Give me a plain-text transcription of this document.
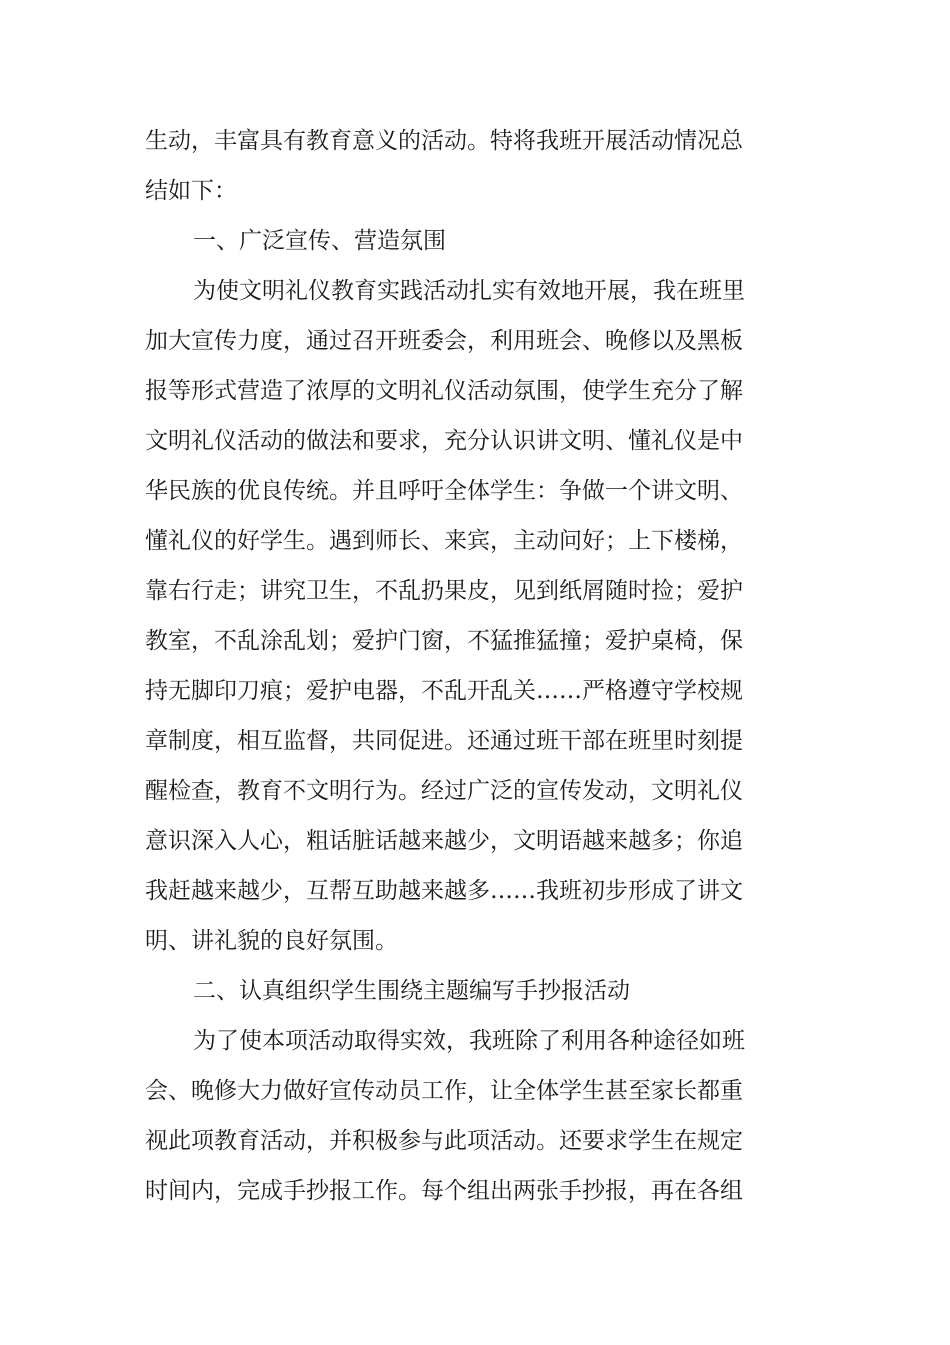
生动，丰富具有教育意义的活动。特将我班开展活动情况总
结如下：
一、广泛宣传、营造氛围
为使文明礼仪教育实践活动扎实有效地开展，我在班里
加大宣传力度，通过召开班委会，利用班会、晚修以及黑板
报等形式营造了浓厚的文明礼仪活动氛围，使学生充分了解
文明礼仪活动的做法和要求，充分认识讲文明、懂礼仪是中
华民族的优良传统。并且呼吁全体学生：争做一个讲文明、
懂礼仪的好学生。遇到师长、来宾，主动问好；上下楼梯，
靠右行走；讲究卫生，不乱扔果皮，见到纸屑随时捡；爱护
教室，不乱涂乱划；爱护门窗，不猛推猛撞；爱护桌椅，保
持无脚印刀痕；爱护电器，不乱开乱关……严格遵守学校规
章制度，相互监督，共同促进。还通过班干部在班里时刻提
醒检查，教育不文明行为。经过广泛的宣传发动，文明礼仪
意识深入人心，粗话脏话越来越少，文明语越来越多；你追
我赶越来越少，互帮互助越来越多……我班初步形成了讲文
明、讲礼貌的良好氛围。
二、认真组织学生围绕主题编写手抄报活动
为了使本项活动取得实效，我班除了利用各种途径如班
会、晚修大力做好宣传动员工作，让全体学生甚至家长都重
视此项教育活动，并积极参与此项活动。还要求学生在规定
时间内，完成手抄报工作。每个组出两张手抄报，再在各组
